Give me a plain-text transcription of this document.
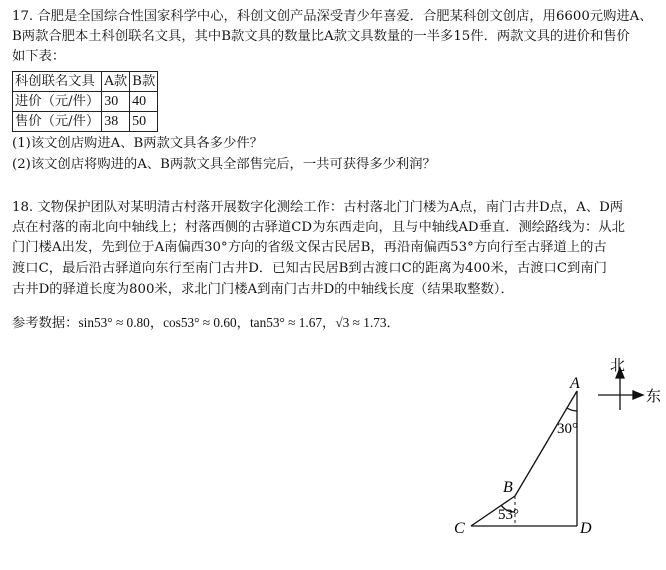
17. 合肥是全国综合性国家科学中心，科创文创产品深受青少年喜爱．合肥某科创文创店，用6600元购进A、
B两款合肥本土科创联名文具，其中B款文具的数量比A款文具数量的一半多15件．两款文具的进价和售价
如下表：
科创联名文具	A款	B款
进价（元/件）	30	40
售价（元/件）	38	50
(1)该文创店购进A、B两款文具各多少件？
(2)该文创店将购进的A、B两款文具全部售完后，一共可获得多少利润？
18. 文物保护团队对某明清古村落开展数字化测绘工作：古村落北门门楼为A点，南门古井D点，A、D两
点在村落的南北向中轴线上；村落西侧的古驿道CD为东西走向，且与中轴线AD垂直．测绘路线为：从北
门门楼A出发，先到位于A南偏西30°方向的省级文保古民居B，再沿南偏西53°方向行至古驿道上的古
渡口C，最后沿古驿道向东行至南门古井D．已知古民居B到古渡口C的距离为400米，古渡口C到南门
古井D的驿道长度为800米，求北门门楼A到南门古井D的中轴线长度（结果取整数）．
参考数据：sin53° ≈ 0.80，cos53° ≈ 0.60，tan53° ≈ 1.67，√3 ≈ 1.73．
北
东
A
B
C	D
30°
53°
